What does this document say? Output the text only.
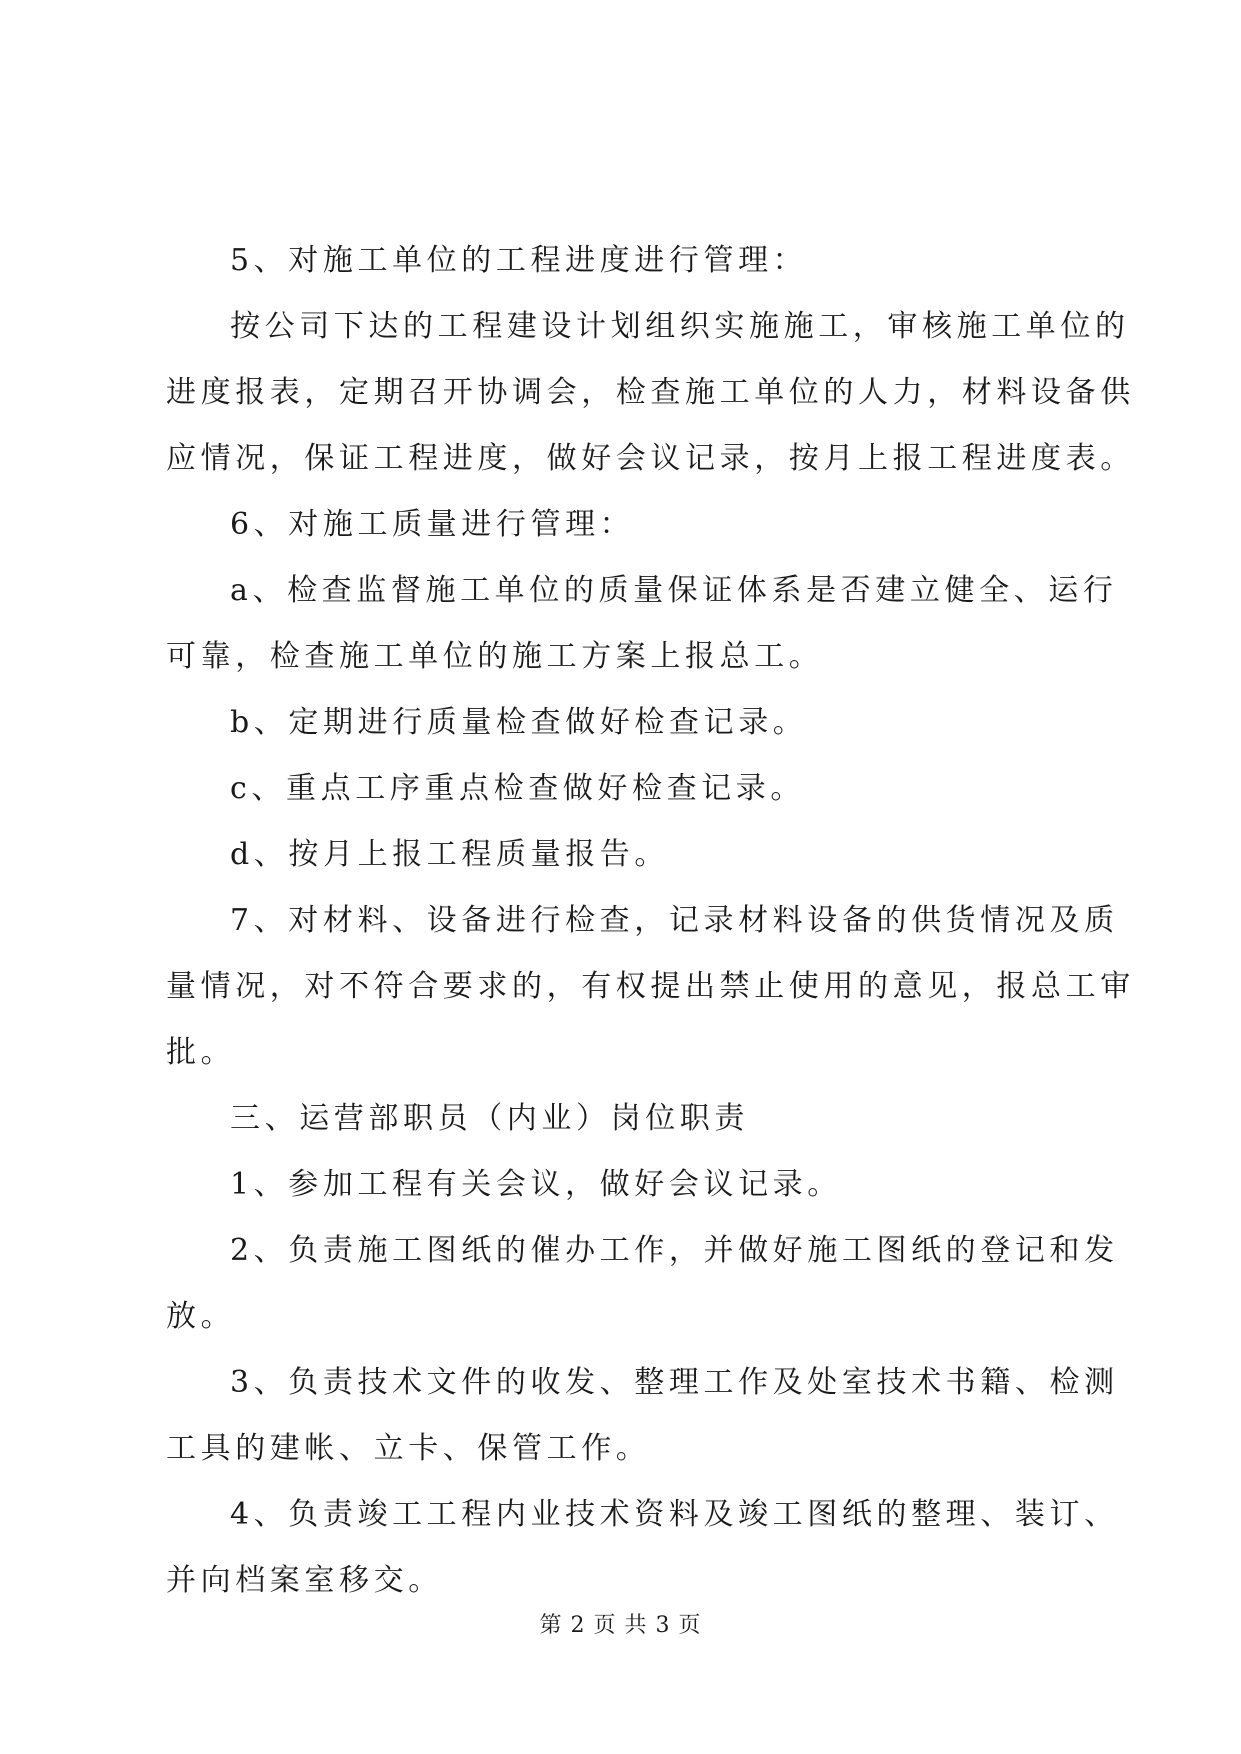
5、对施工单位的工程进度进行管理：
按公司下达的工程建设计划组织实施施工，审核施工单位的
进度报表，定期召开协调会，检查施工单位的人力，材料设备供
应情况，保证工程进度，做好会议记录，按月上报工程进度表。
6、对施工质量进行管理：
a、检查监督施工单位的质量保证体系是否建立健全、运行
可靠，检查施工单位的施工方案上报总工。
b、定期进行质量检查做好检查记录。
c、重点工序重点检查做好检查记录。
d、按月上报工程质量报告。
7、对材料、设备进行检查，记录材料设备的供货情况及质
量情况，对不符合要求的，有权提出禁止使用的意见，报总工审
批。
三、运营部职员（内业）岗位职责
1、参加工程有关会议，做好会议记录。
2、负责施工图纸的催办工作，并做好施工图纸的登记和发
放。
3、负责技术文件的收发、整理工作及处室技术书籍、检测
工具的建帐、立卡、保管工作。
4、负责竣工工程内业技术资料及竣工图纸的整理、装订、
并向档案室移交。
第 2 页 共 3 页
